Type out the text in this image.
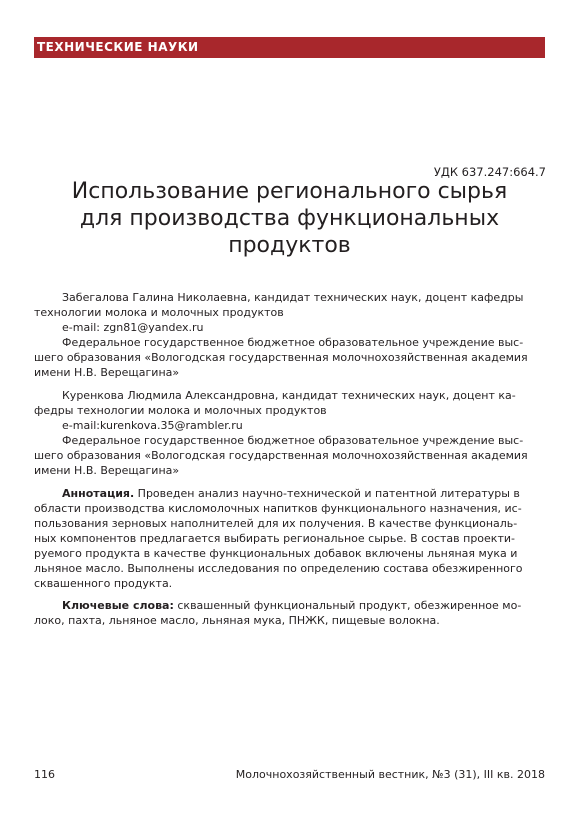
ТЕХНИЧЕСКИЕ НАУКИ
УДК 637.247:664.7
Использование регионального сырья
для производства функциональных
продуктов
Забегалова Галина Николаевна, кандидат технических наук, доцент кафедры
технологии молока и молочных продуктов
e-mail: zgn81@yandex.ru
Федеральное государственное бюджетное образовательное учреждение выс-
шего образования «Вологодская государственная молочнохозяйственная академия
имени Н.В. Верещагина»
Куренкова Людмила Александровна, кандидат технических наук, доцент ка-
федры технологии молока и молочных продуктов
e-mail:kurenkova.35@rambler.ru
Федеральное государственное бюджетное образовательное учреждение выс-
шего образования «Вологодская государственная молочнохозяйственная академия
имени Н.В. Верещагина»
Аннотация. Проведен анализ научно-технической и патентной литературы в
области производства кисломолочных напитков функционального назначения, ис-
пользования зерновых наполнителей для их получения. В качестве функциональ-
ных компонентов предлагается выбирать региональное сырье. В состав проекти-
руемого продукта в качестве функциональных добавок включены льняная мука и
льняное масло. Выполнены исследования по определению состава обезжиренного
сквашенного продукта.
Ключевые слова: сквашенный функциональный продукт, обезжиренное мо-
локо, пахта, льняное масло, льняная мука, ПНЖК, пищевые волокна.
116	Молочнохозяйственный вестник, №3 (31), III кв. 2018
